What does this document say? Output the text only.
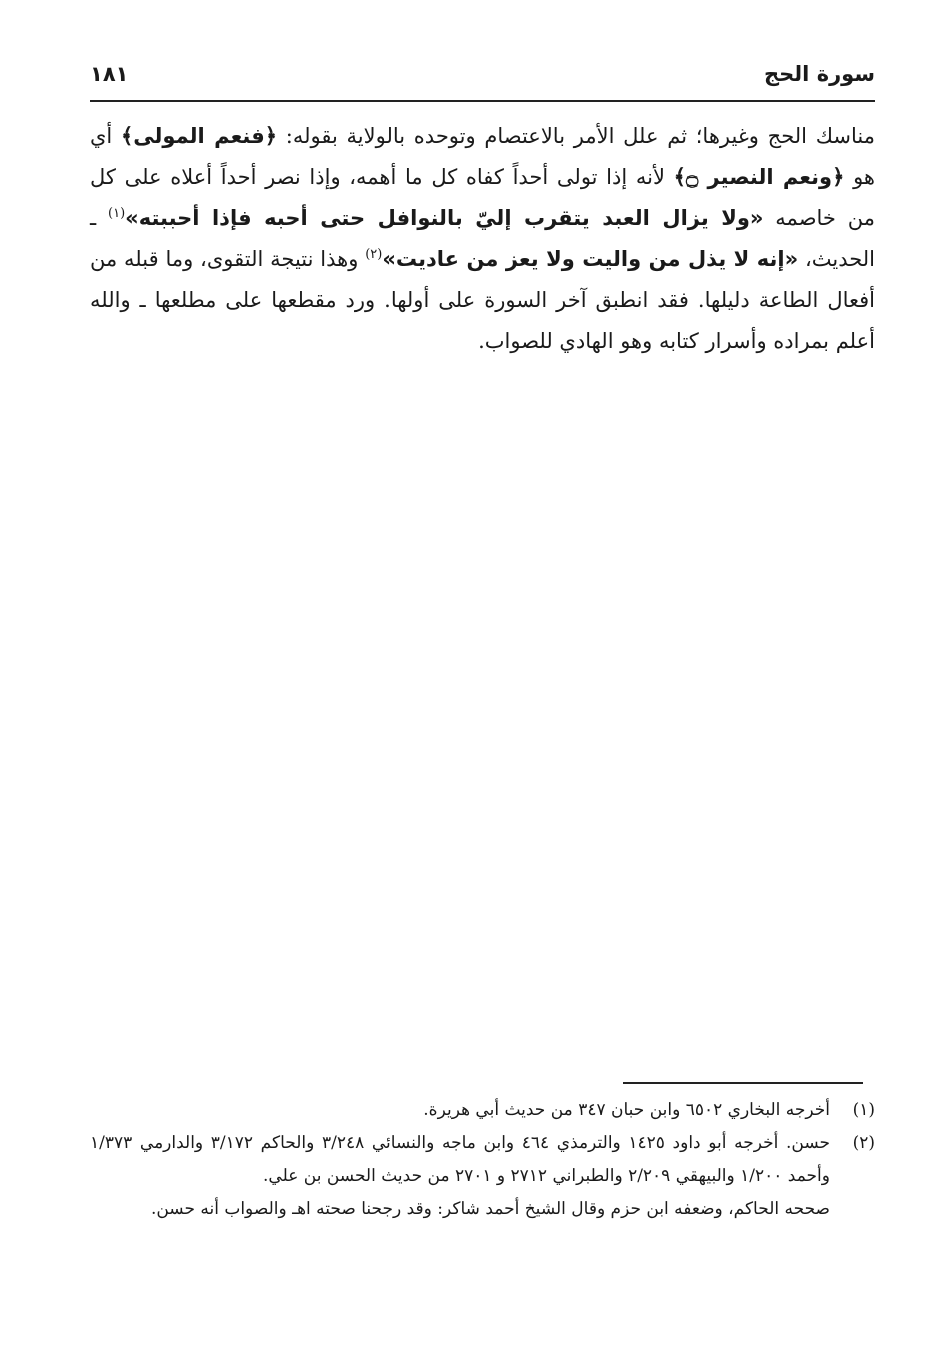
سورة الحج
١٨١

مناسك الحج وغيرها؛ ثم علل الأمر بالاعتصام وتوحده بالولاية بقوله: ﴿فنعم المولى﴾ أي هو ﴿ونعم النصير ۝﴾ لأنه إذا تولى أحداً كفاه كل ما أهمه، وإذا نصر أحداً أعلاه على كل من خاصمه «ولا يزال العبد يتقرب إليّ بالنوافل حتى أحبه فإذا أحببته»$^{(١)}$ ـ الحديث، «إنه لا يذل من واليت ولا يعز من عاديت»$^{(٢)}$ وهذا نتيجة التقوى، وما قبله من أفعال الطاعة دليلها. فقد انطبق آخر السورة على أولها. ورد مقطعها على مطلعها ـ والله أعلم بمراده وأسرار كتابه وهو الهادي للصواب.

(١)

أخرجه البخاري ٦٥٠٢ وابن حبان ٣٤٧ من حديث أبي هريرة.

(٢)

حسن. أخرجه أبو داود ١٤٢٥ والترمذي ٤٦٤ وابن ماجه والنسائي ٣/٢٤٨ والحاكم ٣/١٧٢ والدارمي ١/٣٧٣ وأحمد ١/٢٠٠ والبيهقي ٢/٢٠٩ والطبراني ٢٧١٢ و ٢٧٠١ من حديث الحسن بن علي.

صححه الحاكم، وضعفه ابن حزم وقال الشيخ أحمد شاكر: وقد رجحنا صحته اهـ والصواب أنه حسن.
